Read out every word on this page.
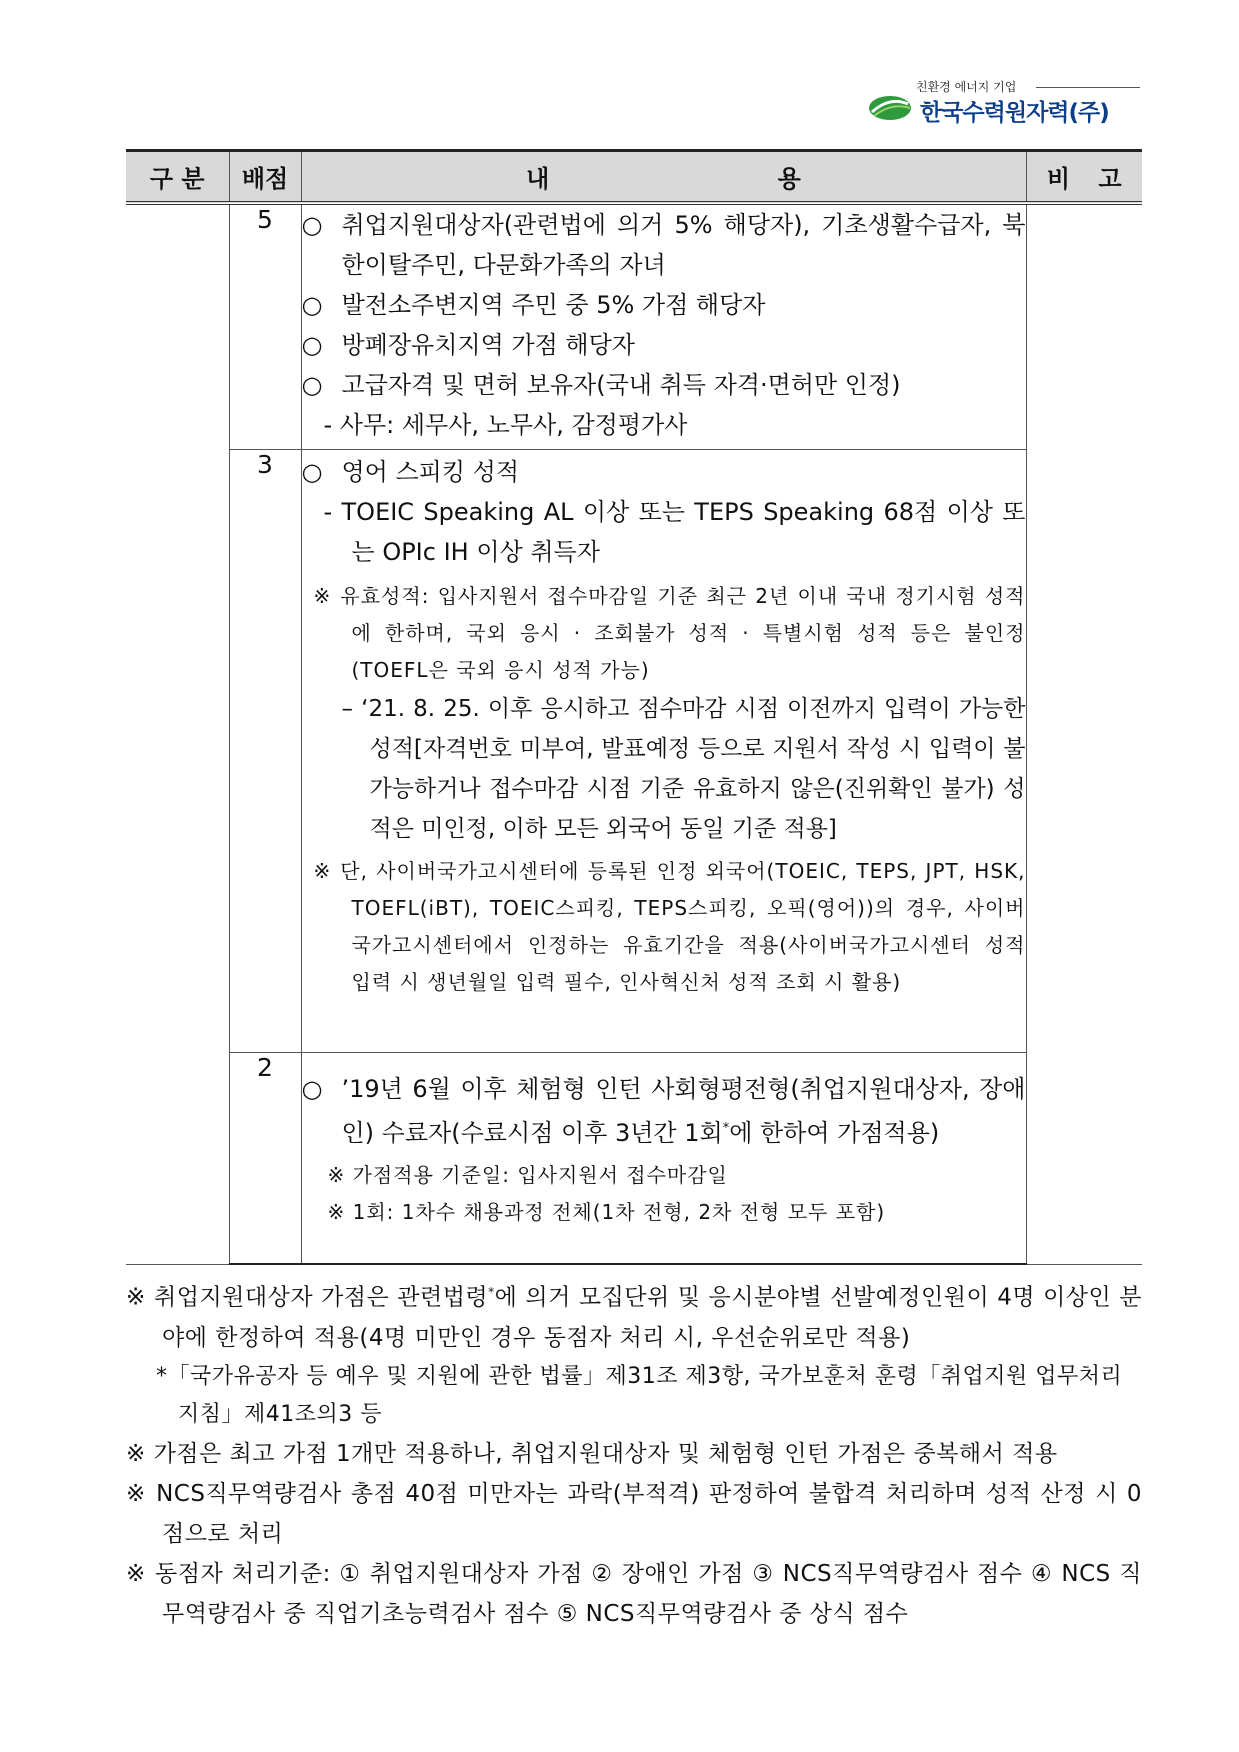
친환경 에너지 기업
한국수력원자력(주)
구 분	배점	내 용	비 고
	5	○ 취업지원대상자(관련법에 의거 5% 해당자), 기초생활수급자, 북한이탈주민, 다문화가족의 자녀
○ 발전소주변지역 주민 중 5% 가점 해당자
○ 방폐장유치지역 가점 해당자
○ 고급자격 및 면허 보유자(국내 취득 자격·면허만 인정)
- 사무: 세무사, 노무사, 감정평가사	

	3	○ 영어 스피킹 성적
- TOEIC Speaking AL 이상 또는 TEPS Speaking 68점 이상 또는 OPIc IH 이상 취득자
※ 유효성적: 입사지원서 접수마감일 기준 최근 2년 이내 국내 정기시험 성적에 한하며, 국외 응시 · 조회불가 성적 · 특별시험 성적 등은 불인정(TOEFL은 국외 응시 성적 가능)
– ‘21. 8. 25. 이후 응시하고 점수마감 시점 이전까지 입력이 가능한 성적[자격번호 미부여, 발표예정 등으로 지원서 작성 시 입력이 불가능하거나 접수마감 시점 기준 유효하지 않은(진위확인 불가) 성적은 미인정, 이하 모든 외국어 동일 기준 적용]
※ 단, 사이버국가고시센터에 등록된 인정 외국어(TOEIC, TEPS, JPT, HSK, TOEFL(iBT), TOEIC스피킹, TEPS스피킹, 오픽(영어))의 경우, 사이버국가고시센터에서 인정하는 유효기간을 적용(사이버국가고시센터 성적 입력 시 생년월일 입력 필수, 인사혁신처 성적 조회 시 활용)	

	2	○ ’19년 6월 이후 체험형 인턴 사회형평전형(취업지원대상자, 장애인) 수료자(수료시점 이후 3년간 1회*에 한하여 가점적용)
※ 가점적용 기준일: 입사지원서 접수마감일
※ 1회: 1차수 채용과정 전체(1차 전형, 2차 전형 모두 포함)	
※ 취업지원대상자 가점은 관련법령*에 의거 모집단위 및 응시분야별 선발예정인원이 4명 이상인 분야에 한정하여 적용(4명 미만인 경우 동점자 처리 시, 우선순위로만 적용)
*「국가유공자 등 예우 및 지원에 관한 법률」제31조 제3항, 국가보훈처 훈령「취업지원 업무처리지침」제41조의3 등
※ 가점은 최고 가점 1개만 적용하나, 취업지원대상자 및 체험형 인턴 가점은 중복해서 적용
※ NCS직무역량검사 총점 40점 미만자는 과락(부적격) 판정하여 불합격 처리하며 성적 산정 시 0점으로 처리
※ 동점자 처리기준: ① 취업지원대상자 가점 ② 장애인 가점 ③ NCS직무역량검사 점수 ④ NCS 직무역량검사 중 직업기초능력검사 점수 ⑤ NCS직무역량검사 중 상식 점수
